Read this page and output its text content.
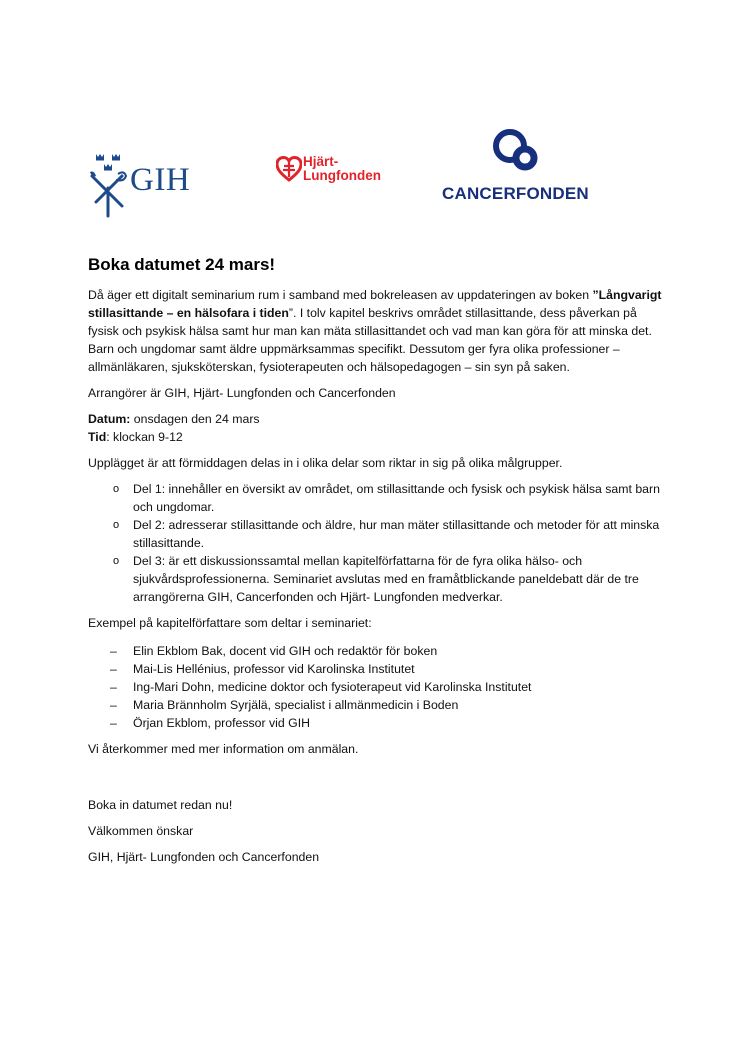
GIH
Hjärt-
Lungfonden
CANCERFONDEN
Boka datumet 24 mars!

Då äger ett digitalt seminarium rum i samband med bokreleasen av uppdateringen av boken ”Långvarigt stillasittande – en hälsofara i tiden”. I tolv kapitel beskrivs området stillasittande, dess påverkan på fysisk och psykisk hälsa samt hur man kan mäta stillasittandet och vad man kan göra för att minska det. Barn och ungdomar samt äldre uppmärksammas specifikt. Dessutom ger fyra olika professioner – allmänläkaren, sjuksköterskan, fysioterapeuten och hälsopedagogen – sin syn på saken.

Arrangörer är GIH, Hjärt- Lungfonden och Cancerfonden

Datum: onsdagen den 24 mars
Tid: klockan 9-12

Upplägget är att förmiddagen delas in i olika delar som riktar in sig på olika målgrupper.

o Del 1: innehåller en översikt av området, om stillasittande och fysisk och psykisk hälsa samt barn och ungdomar.
o Del 2: adresserar stillasittande och äldre, hur man mäter stillasittande och metoder för att minska stillasittande.
o Del 3: är ett diskussionssamtal mellan kapitelförfattarna för de fyra olika hälso- och sjukvårdsprofessionerna. Seminariet avslutas med en framåtblickande paneldebatt där de tre arrangörerna GIH, Cancerfonden och Hjärt- Lungfonden medverkar.

Exempel på kapitelförfattare som deltar i seminariet:

– Elin Ekblom Bak, docent vid GIH och redaktör för boken
– Mai-Lis Hellénius, professor vid Karolinska Institutet
– Ing-Mari Dohn, medicine doktor och fysioterapeut vid Karolinska Institutet
– Maria Brännholm Syrjälä, specialist i allmänmedicin i Boden
– Örjan Ekblom, professor vid GIH

Vi återkommer med mer information om anmälan.

Boka in datumet redan nu!

Välkommen önskar

GIH, Hjärt- Lungfonden och Cancerfonden
